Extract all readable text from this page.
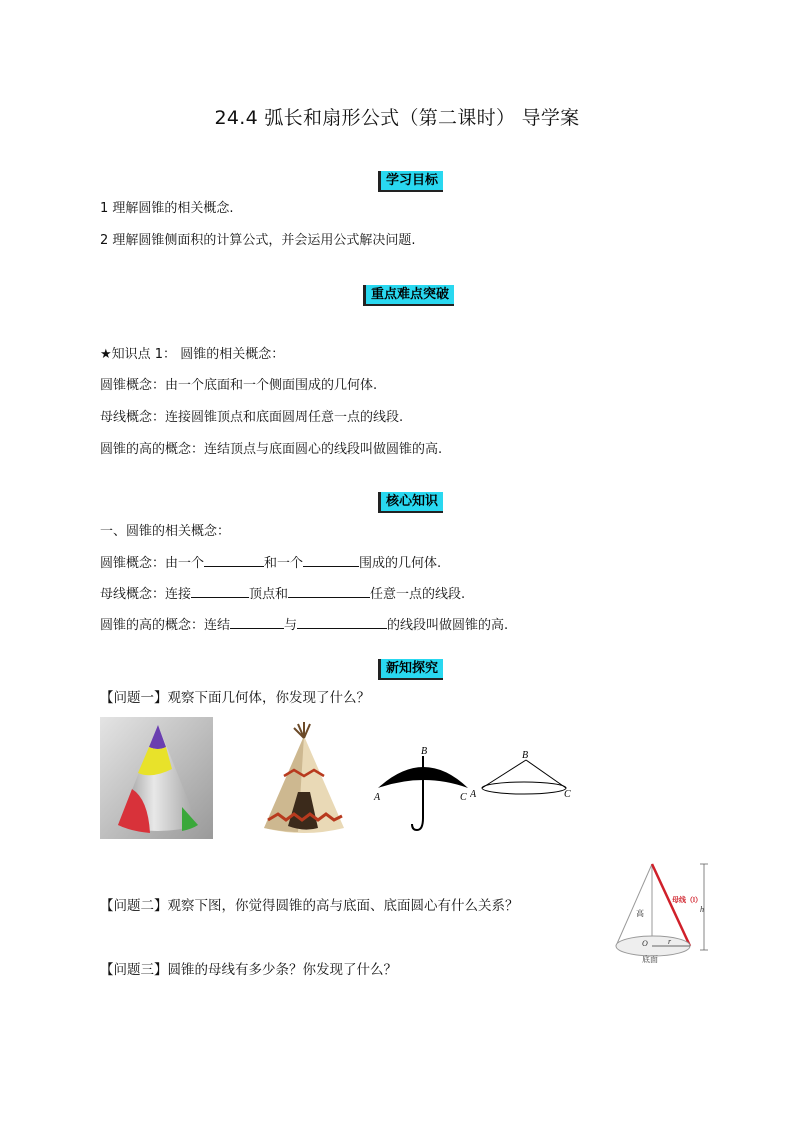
24.4 弧长和扇形公式（第二课时） 导学案
学习目标
1 理解圆锥的相关概念.
2 理解圆锥侧面积的计算公式，并会运用公式解决问题.
重点难点突破
★知识点 1： 圆锥的相关概念：
圆锥概念：由一个底面和一个侧面围成的几何体.
母线概念：连接圆锥顶点和底面圆周任意一点的线段.
圆锥的高的概念：连结顶点与底面圆心的线段叫做圆锥的高.
核心知识
一、圆锥的相关概念：
圆锥概念：由一个	和一个	围成的几何体.
母线概念：连接	顶点和	任意一点的线段.
圆锥的高的概念：连结	与	的线段叫做圆锥的高.
新知探究
【问题一】观察下面几何体，你发现了什么？
B
A	C
B
A	C
【问题二】观察下图，你觉得圆锥的高与底面、底面圆心有什么关系？
【问题三】圆锥的母线有多少条？你发现了什么？
母线（l）
高	h
O	r
底面
